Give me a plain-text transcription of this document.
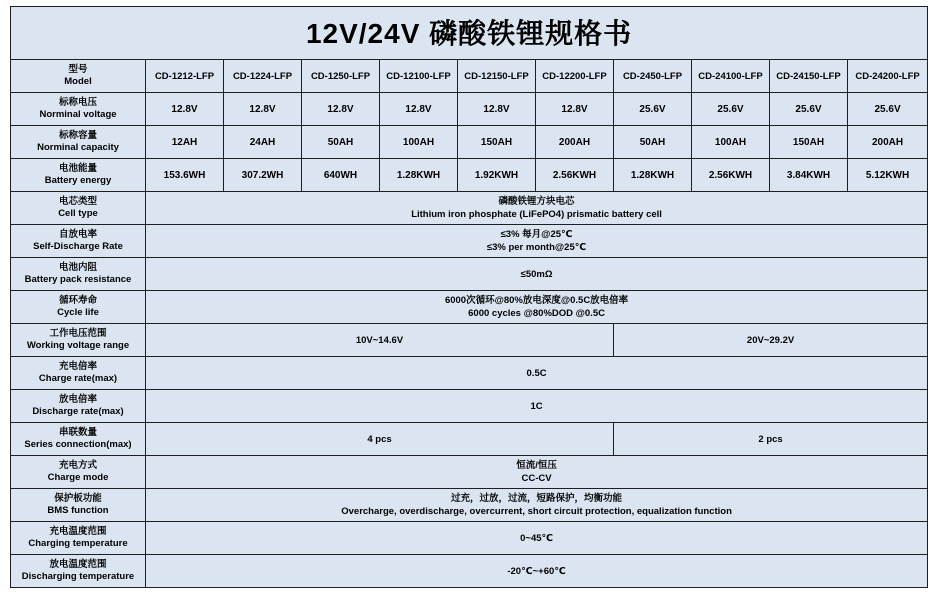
12V/24V 磷酸铁锂规格书										

型号
Model	CD-1212-LFP	CD-1224-LFP	CD-1250-LFP	CD-12100-LFP	CD-12150-LFP	CD-12200-LFP	CD-2450-LFP	CD-24100-LFP	CD-24150-LFP	CD-24200-LFP

标称电压
Norminal voltage	12.8V	12.8V	12.8V	12.8V	12.8V	12.8V	25.6V	25.6V	25.6V	25.6V

标称容量
Norminal capacity	12AH	24AH	50AH	100AH	150AH	200AH	50AH	100AH	150AH	200AH

电池能量
Battery energy	153.6WH	307.2WH	640WH	1.28KWH	1.92KWH	2.56KWH	1.28KWH	2.56KWH	3.84KWH	5.12KWH

电芯类型
Cell type	磷酸铁锂方块电芯
Lithium iron phosphate (LiFePO4) prismatic battery cell									

自放电率
Self-Discharge Rate	≤3% 每月@25℃
≤3% per month@25℃									

电池内阻
Battery pack resistance	≤50mΩ									

循环寿命
Cycle life	6000次循环@80%放电深度@0.5C放电倍率
6000 cycles @80%DOD @0.5C									

工作电压范围
Working voltage range	10V~14.6V						20V~29.2V			

充电倍率
Charge rate(max)	0.5C									

放电倍率
Discharge rate(max)	1C									

串联数量
Series connection(max)	4 pcs						2 pcs			

充电方式
Charge mode	恒流/恒压
CC-CV									

保护板功能
BMS function	过充，过放，过流，短路保护，均衡功能
Overcharge, overdischarge, overcurrent, short circuit protection, equalization function									

充电温度范围
Charging temperature	0~45℃									

放电温度范围
Discharging temperature	-20℃~+60℃									
